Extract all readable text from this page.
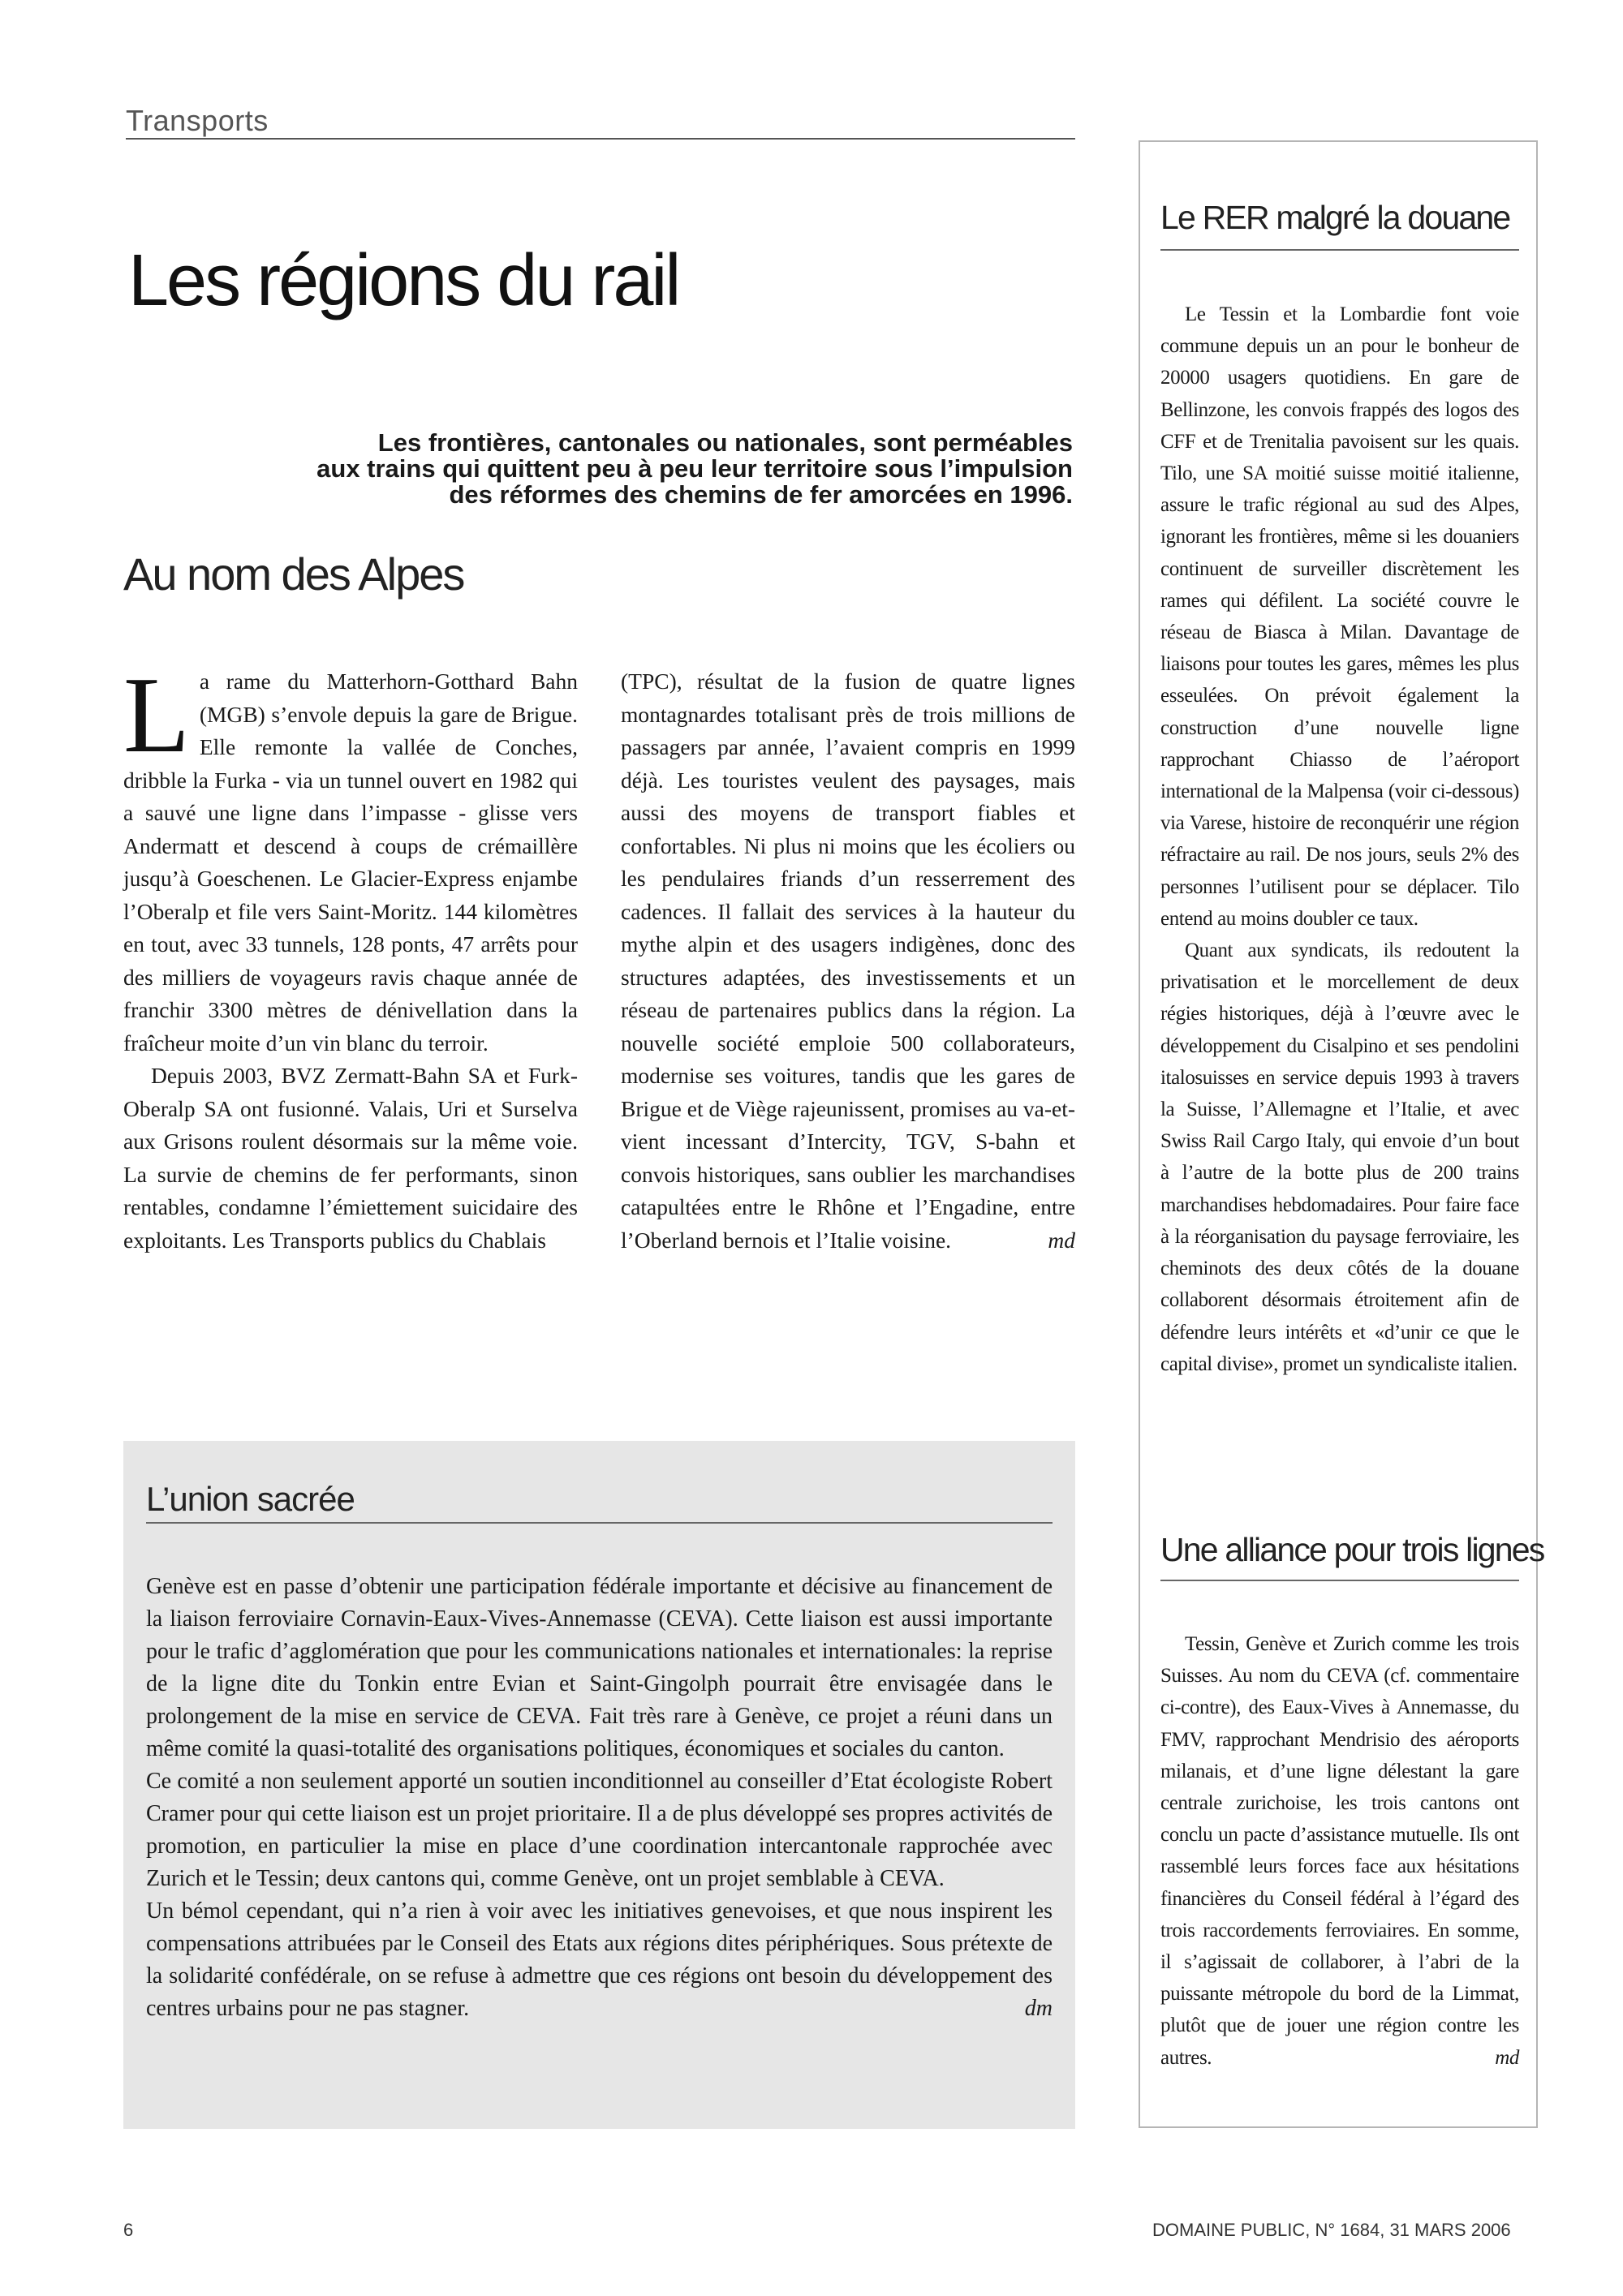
Transports
Les régions du rail

Les frontières, cantonales ou nationales, sont perméables

aux trains qui quittent peu à peu leur territoire sous l’impulsion

des réformes des chemins de fer amorcées en 1996.

Au nom des Alpes

La rame du Matterhorn-Gotthard Bahn (MGB) s’envole depuis la gare de Brigue. Elle remonte la vallée de Conches, dribble la Furka - via un tunnel ouvert en 1982 qui a sauvé une ligne dans l’impasse - glisse vers Andermatt et descend à coups de crémaillère jusqu’à Goeschenen. Le Glacier-Express enjambe l’Oberalp et file vers Saint-Moritz. 144 kilomètres en tout, avec 33 tunnels, 128 ponts, 47 arrêts pour des milliers de voyageurs ravis chaque année de franchir 3300 mètres de dénivellation dans la fraîcheur moite d’un vin blanc du terroir.

Depuis 2003, BVZ Zermatt-Bahn SA et Furk-Oberalp SA ont fusionné. Valais, Uri et Surselva aux Grisons roulent désormais sur la même voie. La survie de chemins de fer performants, sinon rentables, condamne l’émiettement suicidaire des exploitants. Les Transports publics du Chablais

(TPC), résultat de la fusion de quatre lignes montagnardes totalisant près de trois millions de passagers par année, l’avaient compris en 1999 déjà. Les touristes veulent des paysages, mais aussi des moyens de transport fiables et confortables. Ni plus ni moins que les écoliers ou les pendulaires friands d’un resserrement des cadences. Il fallait des services à la hauteur du mythe alpin et des usagers indigènes, donc des structures adaptées, des investissements et un réseau de partenaires publics dans la région. La nouvelle société emploie 500 collaborateurs, modernise ses voitures, tandis que les gares de Brigue et de Viège rajeunissent, promises au va-et-vient incessant d’Intercity, TGV, S-bahn et convois historiques, sans oublier les marchandises catapultées entre le Rhône et l’Engadine, entre l’Oberland bernois et l’Italie voisine.	md

L’union sacrée

Genève est en passe d’obtenir une participation fédérale importante et décisive au financement de la liaison ferroviaire Cornavin-Eaux-Vives-Annemasse (CEVA). Cette liaison est aussi importante pour le trafic d’agglomération que pour les communications nationales et internationales: la reprise de la ligne dite du Tonkin entre Evian et Saint-Gingolph pourrait être envisagée dans le prolongement de la mise en service de CEVA. Fait très rare à Genève, ce projet a réuni dans un même comité la quasi-totalité des organisations politiques, économiques et sociales du canton.

Ce comité a non seulement apporté un soutien inconditionnel au conseiller d’Etat écologiste Robert Cramer pour qui cette liaison est un projet prioritaire. Il a de plus développé ses propres activités de promotion, en particulier la mise en place d’une coordination intercantonale rapprochée avec Zurich et le Tessin; deux cantons qui, comme Genève, ont un projet semblable à CEVA.

Un bémol cependant, qui n’a rien à voir avec les initiatives genevoises, et que nous inspirent les compensations attribuées par le Conseil des Etats aux régions dites périphériques. Sous prétexte de la solidarité confédérale, on se refuse à admettre que ces régions ont besoin du développement des centres urbains pour ne pas stagner.	dm

Le RER malgré la douane

Le Tessin et la Lombardie font voie commune depuis un an pour le bonheur de 20000 usagers quotidiens. En gare de Bellinzone, les convois frappés des logos des CFF et de Trenitalia pavoisent sur les quais. Tilo, une SA moitié suisse moitié italienne, assure le trafic régional au sud des Alpes, ignorant les frontières, même si les douaniers continuent de surveiller discrètement les rames qui défilent. La société couvre le réseau de Biasca à Milan. Davantage de liaisons pour toutes les gares, mêmes les plus esseulées. On prévoit également la construction d’une nouvelle ligne rapprochant Chiasso de l’aéroport international de la Malpensa (voir ci-dessous) via Varese, histoire de reconquérir une région réfractaire au rail. De nos jours, seuls 2% des personnes l’utilisent pour se déplacer. Tilo entend au moins doubler ce taux.

Quant aux syndicats, ils redoutent la privatisation et le morcellement de deux régies historiques, déjà à l’œuvre avec le développement du Cisalpino et ses pendolini italosuisses en service depuis 1993 à travers la Suisse, l’Allemagne et l’Italie, et avec Swiss Rail Cargo Italy, qui envoie d’un bout à l’autre de la botte plus de 200 trains marchandises hebdomadaires. Pour faire face à la réorganisation du paysage ferroviaire, les cheminots des deux côtés de la douane collaborent désormais étroitement afin de défendre leurs intérêts et «d’unir ce que le capital divise», promet un syndicaliste italien.

Une alliance pour trois lignes

Tessin, Genève et Zurich comme les trois Suisses. Au nom du CEVA (cf. commentaire ci-contre), des Eaux-Vives à Annemasse, du FMV, rapprochant Mendrisio des aéroports milanais, et d’une ligne délestant la gare centrale zurichoise, les trois cantons ont conclu un pacte d’assistance mutuelle. Ils ont rassemblé leurs forces face aux hésitations financières du Conseil fédéral à l’égard des trois raccordements ferroviaires. En somme, il s’agissait de collaborer, à l’abri de la puissante métropole du bord de la Limmat, plutôt que de jouer une région contre les autres.	md

6	DOMAINE PUBLIC, N° 1684, 31 MARS 2006
